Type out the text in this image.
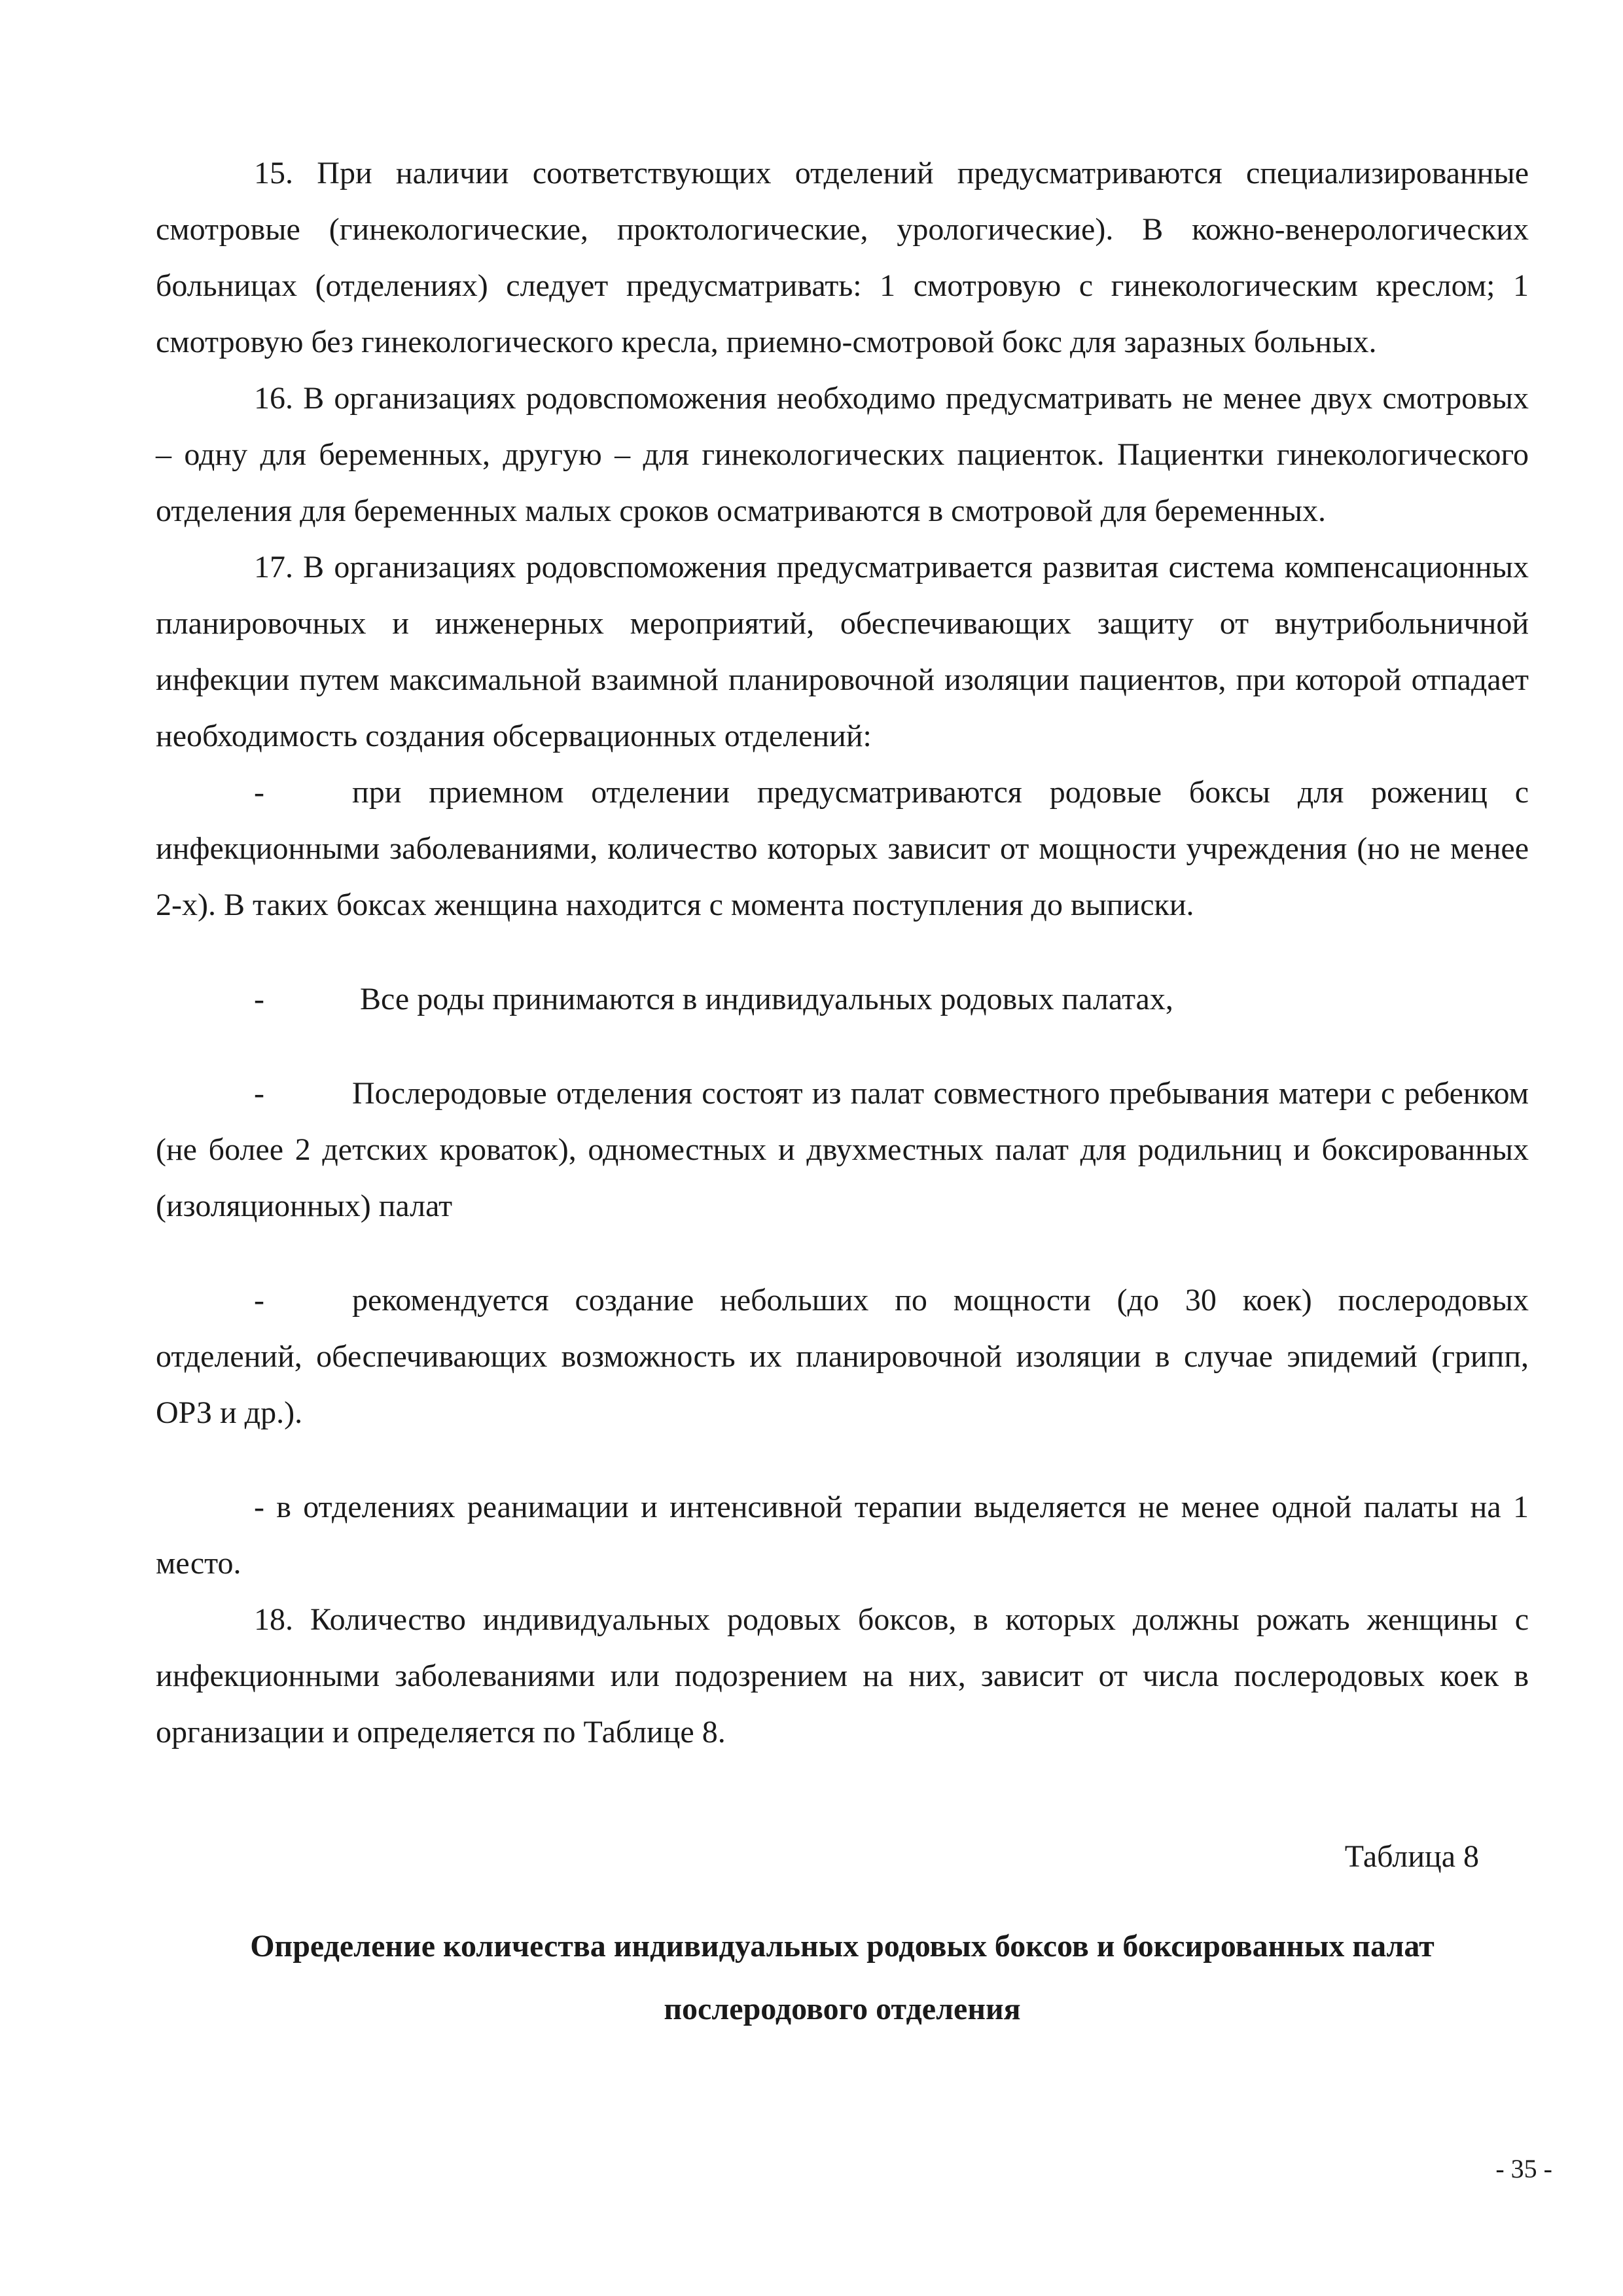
15. При наличии соответствующих отделений предусматриваются специализированные смотровые (гинекологические, проктологические, урологические). В кожно-венерологических больницах (отделениях) следует предусматривать: 1 смотровую с гинекологическим креслом; 1 смотровую без гинекологического кресла, приемно-смотровой бокс для заразных больных.

16. В организациях родовспоможения необходимо предусматривать не менее двух смотровых – одну для беременных, другую – для гинекологических пациенток. Пациентки гинекологического отделения для беременных малых сроков осматриваются в смотровой для беременных.

17. В организациях родовспоможения предусматривается развитая система компенсационных планировочных и инженерных мероприятий, обеспечивающих защиту от внутрибольничной инфекции путем максимальной взаимной планировочной изоляции пациентов, при которой отпадает необходимость создания обсервационных отделений:

-	при приемном отделении предусматриваются родовые боксы для рожениц с инфекционными заболеваниями, количество которых зависит от мощности учреждения (но не менее 2-х). В таких боксах женщина находится с момента поступления до выписки.

-	Все роды принимаются в индивидуальных родовых палатах,

-	Послеродовые отделения состоят из палат совместного пребывания матери с ребенком (не более 2 детских кроваток), одноместных и двухместных палат для родильниц и боксированных (изоляционных) палат

-	рекомендуется создание небольших по мощности (до 30 коек) послеродовых отделений, обеспечивающих возможность их планировочной изоляции в случае эпидемий (грипп, ОРЗ и др.).

- в отделениях реанимации и интенсивной терапии выделяется не менее одной палаты на 1 место.

18. Количество индивидуальных родовых боксов, в которых должны рожать женщины с инфекционными заболеваниями или подозрением на них, зависит от числа послеродовых коек в организации и определяется по Таблице 8.

Таблица 8

Определение количества индивидуальных родовых боксов и боксированных палат
послеродового отделения

- 35 -
